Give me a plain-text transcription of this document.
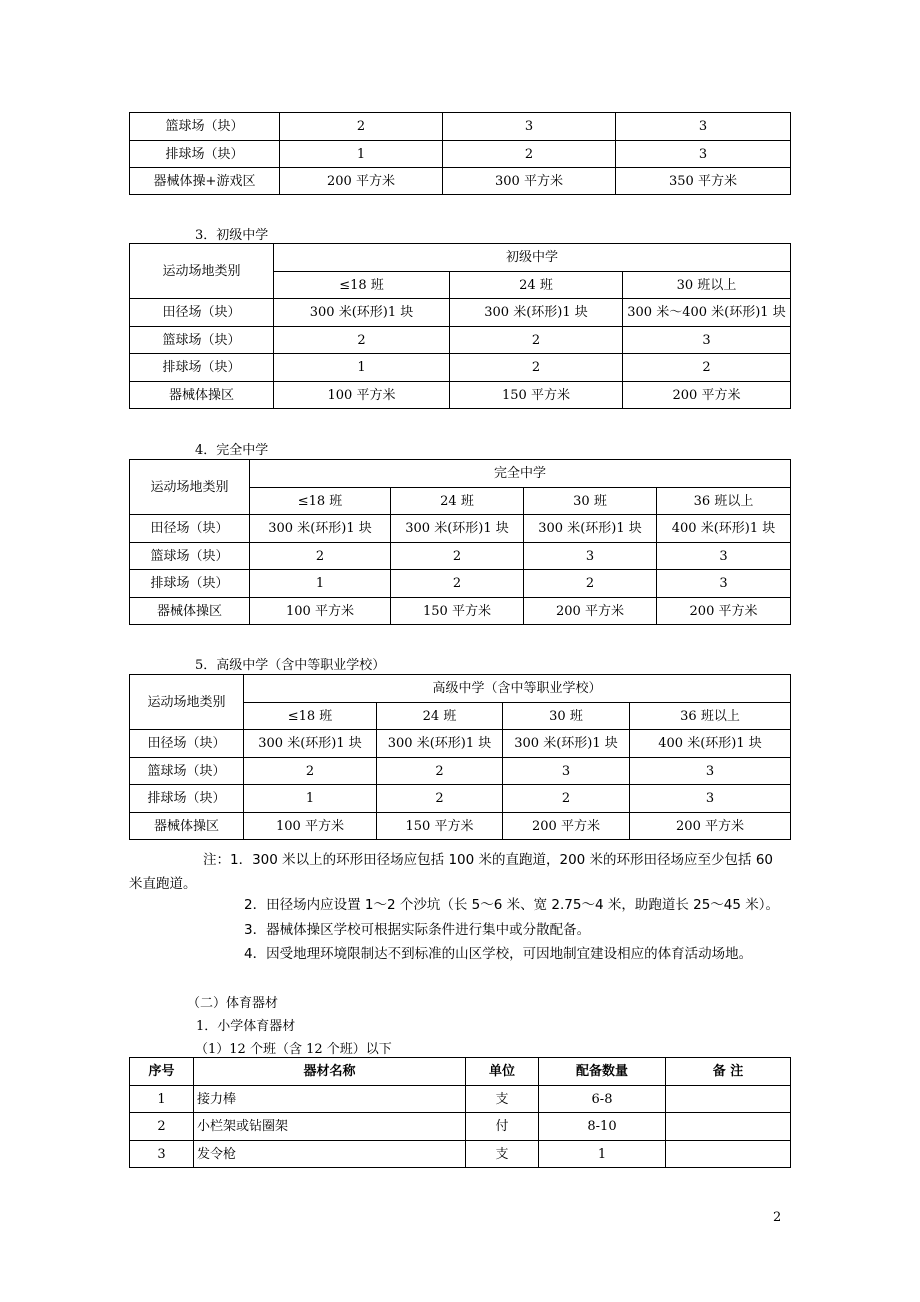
篮球场（块）	2	3	3
排球场（块）	1	2	3
器械体操+游戏区	200 平方米	300 平方米	350 平方米
3．初级中学
运动场地类别	初级中学		
	≤18 班	24 班	30 班以上
田径场（块）	300 米(环形)1 块	300 米(环形)1 块	300 米～400 米(环形)1 块
篮球场（块）	2	2	3
排球场（块）	1	2	2
器械体操区	100 平方米	150 平方米	200 平方米
4．完全中学
运动场地类别	完全中学			
	≤18 班	24 班	30 班	36 班以上
田径场（块）	300 米(环形)1 块	300 米(环形)1 块	300 米(环形)1 块	400 米(环形)1 块
篮球场（块）	2	2	3	3
排球场（块）	1	2	2	3
器械体操区	100 平方米	150 平方米	200 平方米	200 平方米
5．高级中学（含中等职业学校）
运动场地类别	高级中学（含中等职业学校）			
	≤18 班	24 班	30 班	36 班以上
田径场（块）	300 米(环形)1 块	300 米(环形)1 块	300 米(环形)1 块	400 米(环形)1 块
篮球场（块）	2	2	3	3
排球场（块）	1	2	2	3
器械体操区	100 平方米	150 平方米	200 平方米	200 平方米
注：1．300 米以上的环形田径场应包括 100 米的直跑道，200 米的环形田径场应至少包括 60
米直跑道。
2．田径场内应设置 1～2 个沙坑（长 5～6 米、宽 2.75～4 米，助跑道长 25～45 米）。
3．器械体操区学校可根据实际条件进行集中或分散配备。
4．因受地理环境限制达不到标准的山区学校，可因地制宜建设相应的体育活动场地。
（二）体育器材
1．小学体育器材
（1）12 个班（含 12 个班）以下
序号	器材名称	单位	配备数量	备 注
1	接力棒	支	6-8	
2	小栏架或钻圈架	付	8-10	
3	发令枪	支	1	
2
